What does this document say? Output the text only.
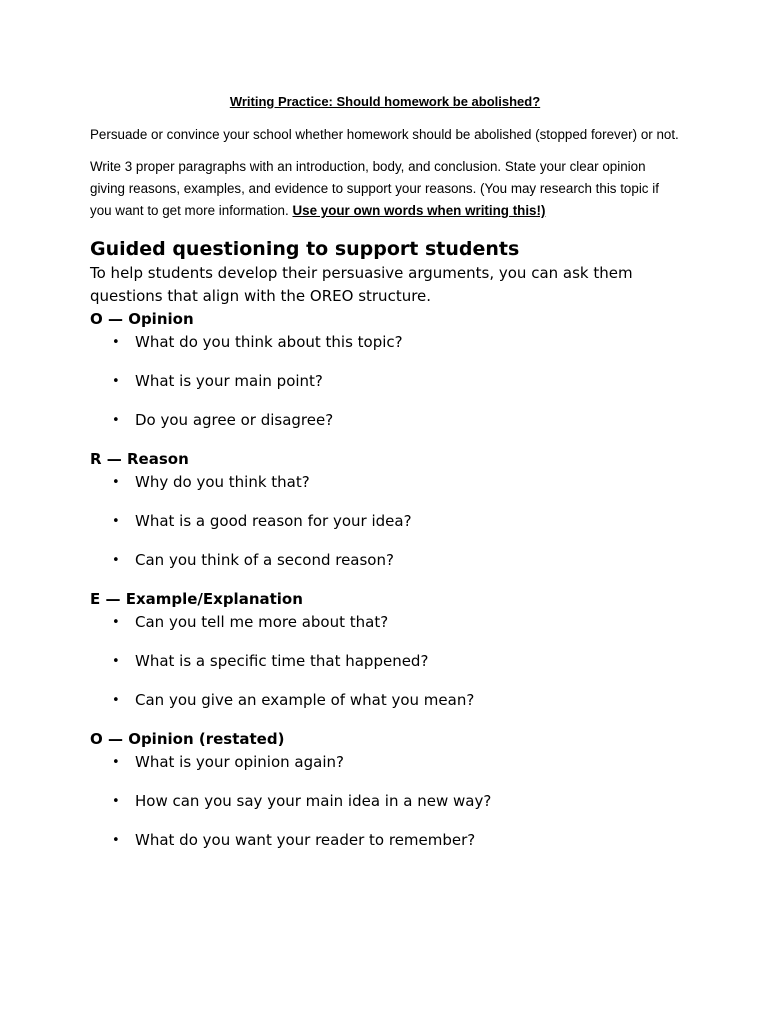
Writing Practice: Should homework be abolished?

Persuade or convince your school whether homework should be abolished (stopped forever) or not.

Write 3 proper paragraphs with an introduction, body, and conclusion. State your clear opinion giving reasons, examples, and evidence to support your reasons. (You may research this topic if you want to get more information. Use your own words when writing this!)

Guided questioning to support students

To help students develop their persuasive arguments, you can ask them questions that align with the OREO structure.

O — Opinion
• What do you think about this topic?
• What is your main point?
• Do you agree or disagree?
R — Reason
• Why do you think that?
• What is a good reason for your idea?
• Can you think of a second reason?
E — Example/Explanation
• Can you tell me more about that?
• What is a specific time that happened?
• Can you give an example of what you mean?
O — Opinion (restated)
• What is your opinion again?
• How can you say your main idea in a new way?
• What do you want your reader to remember?
